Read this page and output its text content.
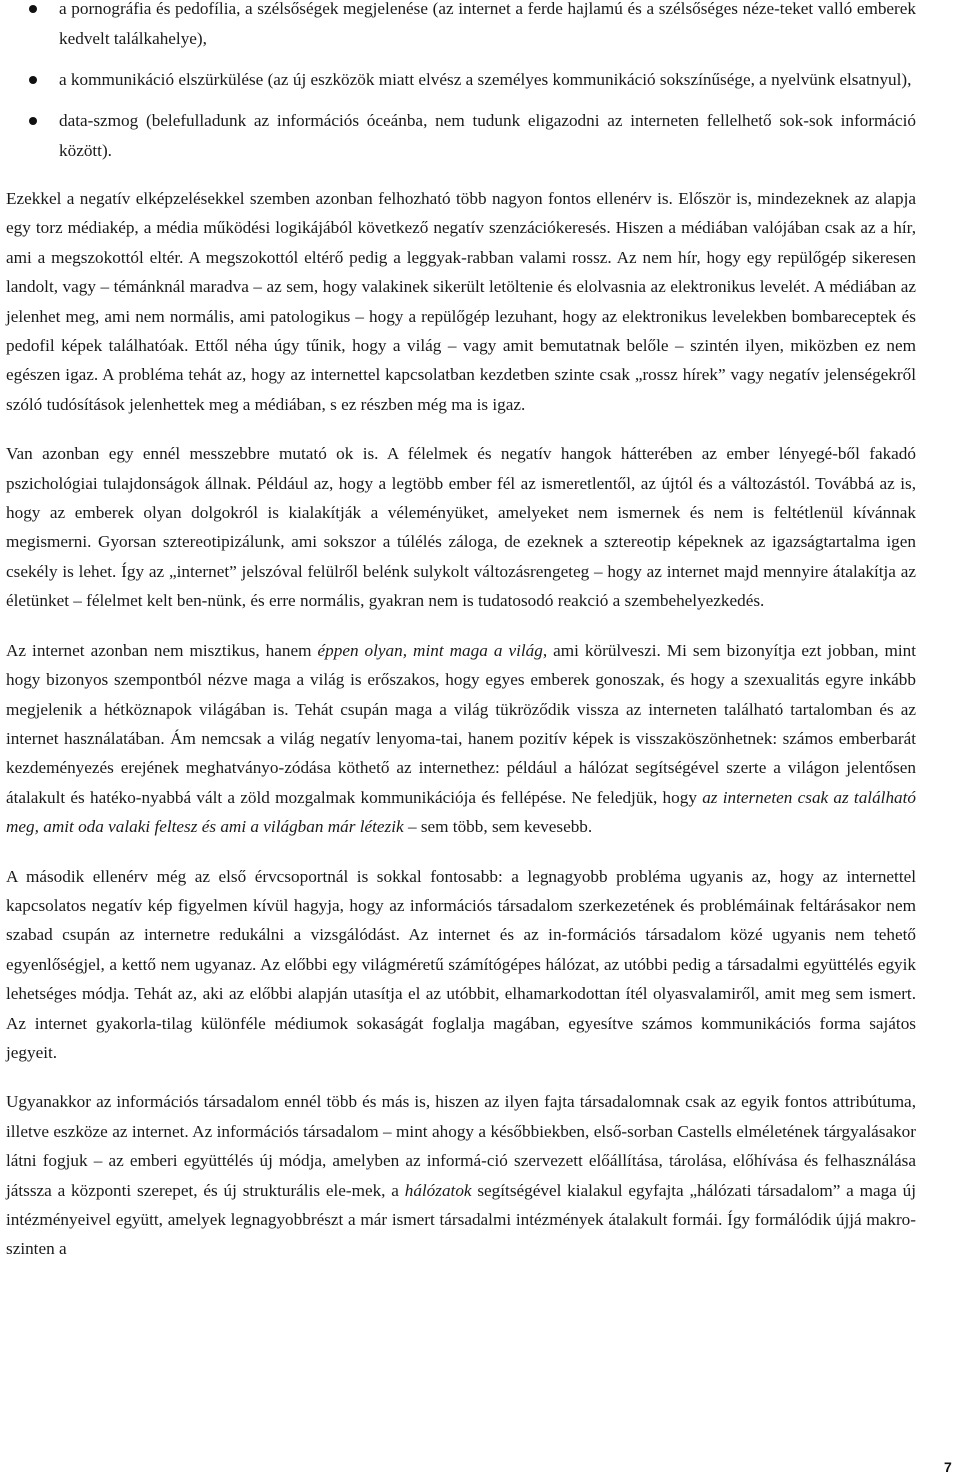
a pornográfia és pedofília, a szélsőségek megjelenése (az internet a ferde hajlamú és a szélsőséges néze-teket valló emberek kedvelt találkahelye),
a kommunikáció elszürkülése (az új eszközök miatt elvész a személyes kommunikáció sokszínűsége, a nyelvünk elsatnyul),
data-szmog (belefulladunk az információs óceánba, nem tudunk eligazodni az interneten fellelhető sok-sok információ között).

Ezekkel a negatív elképzelésekkel szemben azonban felhozható több nagyon fontos ellenérv is. Először is, mindezeknek az alapja egy torz médiakép, a média működési logikájából következő negatív szenzációkeresés. Hiszen a médiában valójában csak az a hír, ami a megszokottól eltér. A megszokottól eltérő pedig a leggyak-rabban valami rossz. Az nem hír, hogy egy repülőgép sikeresen landolt, vagy – témánknál maradva – az sem, hogy valakinek sikerült letöltenie és elolvasnia az elektronikus levelét. A médiában az jelenhet meg, ami nem normális, ami patologikus – hogy a repülőgép lezuhant, hogy az elektronikus levelekben bombareceptek és pedofil képek találhatóak. Ettől néha úgy tűnik, hogy a világ – vagy amit bemutatnak belőle – szintén ilyen, miközben ez nem egészen igaz. A probléma tehát az, hogy az internettel kapcsolatban kezdetben szinte csak „rossz hírek” vagy negatív jelenségekről szóló tudósítások jelenhettek meg a médiában, s ez részben még ma is igaz.

Van azonban egy ennél messzebbre mutató ok is. A félelmek és negatív hangok hátterében az ember lényegé-ből fakadó pszichológiai tulajdonságok állnak. Például az, hogy a legtöbb ember fél az ismeretlentől, az újtól és a változástól. Továbbá az is, hogy az emberek olyan dolgokról is kialakítják a véleményüket, amelyeket nem ismernek és nem is feltétlenül kívánnak megismerni. Gyorsan sztereotipizálunk, ami sokszor a túlélés záloga, de ezeknek a sztereotip képeknek az igazságtartalma igen csekély is lehet. Így az „internet” jelszóval felülről belénk sulykolt változásrengeteg – hogy az internet majd mennyire átalakítja az életünket – félelmet kelt ben-nünk, és erre normális, gyakran nem is tudatosodó reakció a szembehelyezkedés.

Az internet azonban nem misztikus, hanem éppen olyan, mint maga a világ, ami körülveszi. Mi sem bizonyítja ezt jobban, mint hogy bizonyos szempontból nézve maga a világ is erőszakos, hogy egyes emberek gonoszak, és hogy a szexualitás egyre inkább megjelenik a hétköznapok világában is. Tehát csupán maga a világ tükröződik vissza az interneten található tartalomban és az internet használatában. Ám nemcsak a világ negatív lenyoma-tai, hanem pozitív képek is visszaköszönhetnek: számos emberbarát kezdeményezés erejének meghatványo-zódása köthető az internethez: például a hálózat segítségével szerte a világon jelentősen átalakult és hatéko-nyabbá vált a zöld mozgalmak kommunikációja és fellépése. Ne feledjük, hogy az interneten csak az található meg, amit oda valaki feltesz és ami a világban már létezik – sem több, sem kevesebb.

A második ellenérv még az első érvcsoportnál is sokkal fontosabb: a legnagyobb probléma ugyanis az, hogy az internettel kapcsolatos negatív kép figyelmen kívül hagyja, hogy az információs társadalom szerkezetének és problémáinak feltárásakor nem szabad csupán az internetre redukálni a vizsgálódást. Az internet és az in-formációs társadalom közé ugyanis nem tehető egyenlőségjel, a kettő nem ugyanaz. Az előbbi egy világméretű számítógépes hálózat, az utóbbi pedig a társadalmi együttélés egyik lehetséges módja. Tehát az, aki az előbbi alapján utasítja el az utóbbit, elhamarkodottan ítél olyasvalamiről, amit meg sem ismert. Az internet gyakorla-tilag különféle médiumok sokaságát foglalja magában, egyesítve számos kommunikációs forma sajátos jegyeit.

Ugyanakkor az információs társadalom ennél több és más is, hiszen az ilyen fajta társadalomnak csak az egyik fontos attribútuma, illetve eszköze az internet. Az információs társadalom – mint ahogy a későbbiekben, első-sorban Castells elméletének tárgyalásakor látni fogjuk – az emberi együttélés új módja, amelyben az informá-ció szervezett előállítása, tárolása, előhívása és felhasználása játssza a központi szerepet, és új strukturális ele-mek, a hálózatok segítségével kialakul egyfajta „hálózati társadalom” a maga új intézményeivel együtt, amelyek legnagyobbrészt a már ismert társadalmi intézmények átalakult formái. Így formálódik újjá makro-szinten a

7
